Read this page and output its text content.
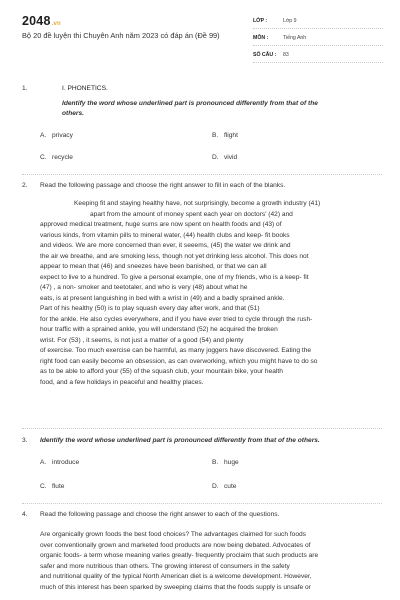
2048.vn
Bộ 20 đề luyện thi Chuyên Anh năm 2023 có đáp án (Đề 99)
LỚP :	Lớp 9
MÔN :	Tiếng Anh
SỐ CÂU :	83
1.	I. PHONETICS.
Identify the word whose underlined part is pronounced differently from that of the
others.
A. privacy	B. flight
C. recycle	D. vivid
2.	Read the following passage and choose the right answer to fill in each of the blanks.
Keeping fit and staying healthy have, not surprisingly, become a growth industry (41)
apart from the amount of money spent each year on doctors' (42) and
approved medical treatment, huge sums are now spent on health foods and (43) of
various kinds, from vitamin pills to mineral water, (44) health clubs and keep- fit books
and videos. We are more concerned than ever, it seeems, (45) the water we drink and
the air we breathe, and are smoking less, though not yet drinking less alcohol. This does not
appear to mean that (46) and sneezes have been banished, or that we can all
expect to live to a hundred. To give a personal example, one of my friends, who is a keep- fit
(47) , a non- smoker and teetotaler, and who is very (48) about what he
eats, is at present languishing in bed with a wrist in (49) and a badly sprained ankle.
Part of his healthy (50) is to play squash every day after work, and that (51)
for the ankle. He also cycles everywhere, and if you have ever tried to cycle through the rush-
hour traffic with a sprained ankle, you will understand (52) he acquired the broken
wrist. For (53) , it seems, is not just a matter of a good (54) and plenty
of exercise. Too much exercise can be harmful, as many joggers have discovered. Eating the
right food can easily become an obsession, as can overworking, which you might have to do so
as to be able to afford your (55) of the squash club, your mountain bike, your health
food, and a few holidays in peaceful and healthy places.
3.	Identify the word whose underlined part is pronounced differently from that of the others.
A. introduce	B. huge
C. flute	D. cute
4.	Read the following passage and choose the right answer to each of the questions.
Are organically grown foods the best food choices? The advantages claimed for such foods
over conventionally grown and marketed food products are now being debated. Advocates of
organic foods- a term whose meaning varies greatly- frequently proclaim that such products are
safer and more nutritious than others. The growing interest of consumers in the safety
and nutritional quality of the typical North American diet is a welcome development. However,
much of this interest has been sparked by sweeping claims that the foods supply is unsafe or
